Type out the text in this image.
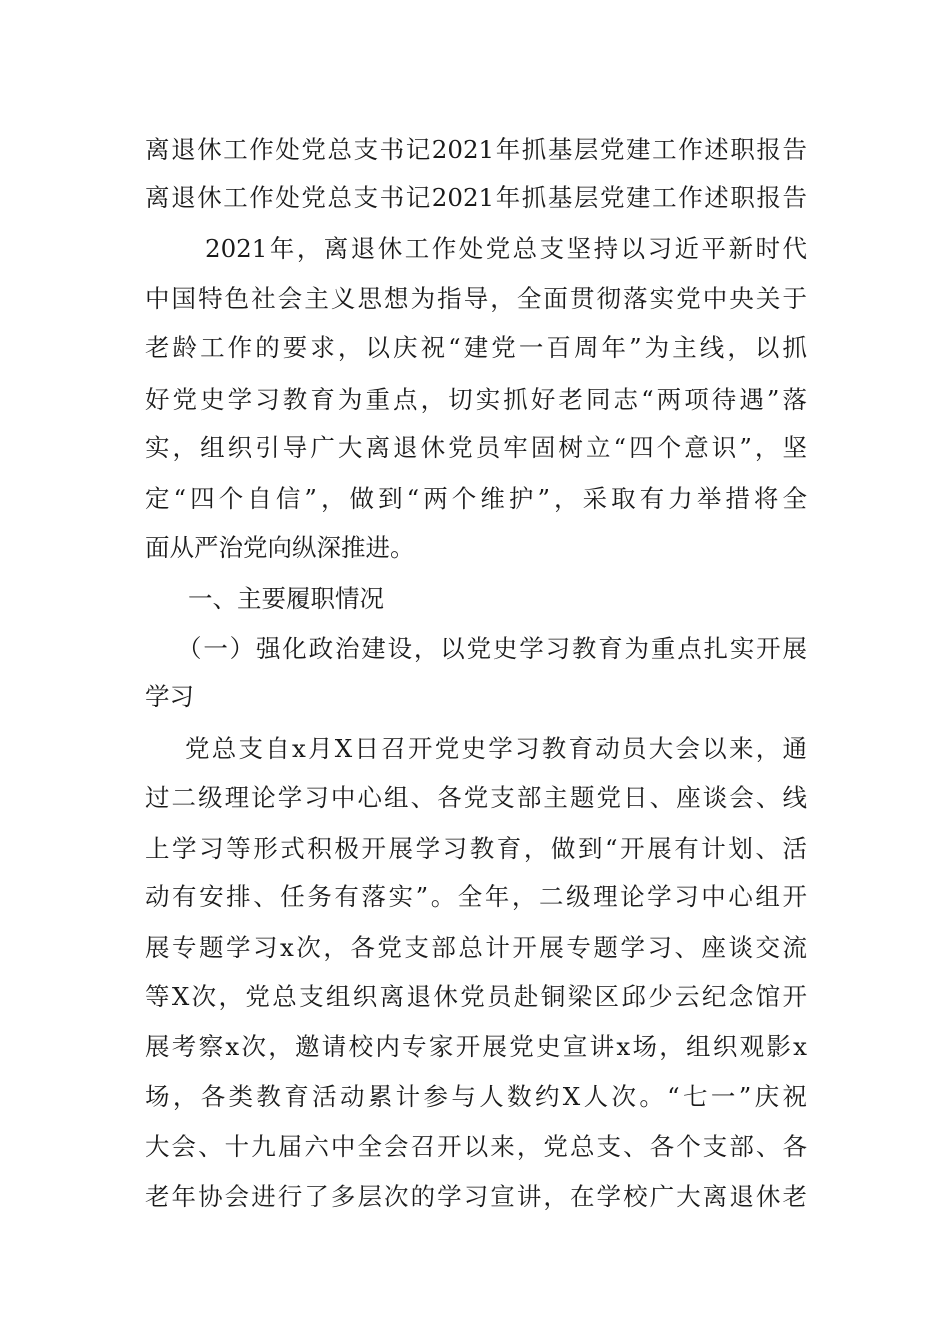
离退休工作处党总支书记2021年抓基层党建工作述职报告
离退休工作处党总支书记2021年抓基层党建工作述职报告
2021年，离退休工作处党总支坚持以习近平新时代
中国特色社会主义思想为指导，全面贯彻落实党中央关于
老龄工作的要求，以庆祝“建党一百周年”为主线，以抓
好党史学习教育为重点，切实抓好老同志“两项待遇”落
实，组织引导广大离退休党员牢固树立“四个意识”，坚
定“四个自信”，做到“两个维护”，采取有力举措将全
面从严治党向纵深推进。
一、主要履职情况
（一）强化政治建设，以党史学习教育为重点扎实开展
学习
党总支自x月X日召开党史学习教育动员大会以来，通
过二级理论学习中心组、各党支部主题党日、座谈会、线
上学习等形式积极开展学习教育，做到“开展有计划、活
动有安排、任务有落实”。全年，二级理论学习中心组开
展专题学习x次，各党支部总计开展专题学习、座谈交流
等X次，党总支组织离退休党员赴铜梁区邱少云纪念馆开
展考察x次，邀请校内专家开展党史宣讲x场，组织观影x
场，各类教育活动累计参与人数约X人次。“七一”庆祝
大会、十九届六中全会召开以来，党总支、各个支部、各
老年协会进行了多层次的学习宣讲，在学校广大离退休老
